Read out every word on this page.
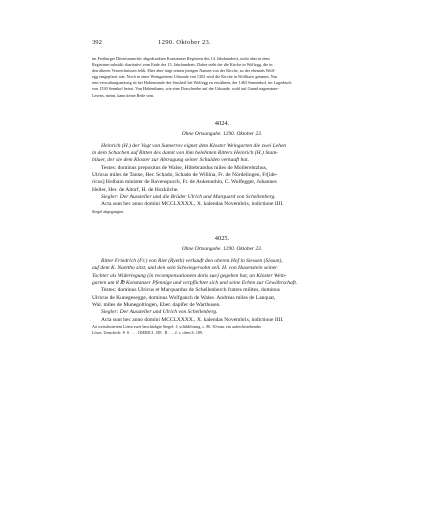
392	1290. Oktober 23.

im Freiburger Diözesanarchiv abgedruckten Konstanzer Registern des 14. Jahrhunderts, nicht aber in dem

Registrum subsidii charitativi vom Ende des 15. Jahrhunderts. Daher steht der die Kirche in Wolfegg, die in

den älteren Verzeichnissen fehlt. Eher aber trägt seinen jetzigen Namen von der Kirche, zu der ehemals Wolf-

egg eingepfarrt war. Noch in einer Weingartener Urkunde von 1302 wird die Kirche in Wolfharts genannt. Nur

rein verwaltungsmässig ist bei Hohenstaufe der Sassheif bei Wolfegg zu erwähnen, der 1463 Sennenhof, im Lagerbuch

von 1530 Sennhof heisst. Von Hohenthann, wie eine Dorschreibe auf der Urkunde, wohl auf Grund nagemaner-

Lesens, meint, kann keine Rede sein.

4024.
Ohne Ortsangabe. 1290. Oktober 23.

Heinrich (H.) der Vogt von Sumerrov eignet dem Kloster Weingarten die zwei Lehen

in dem Schachen auf Bitten des damit von ihm belehnten Ritters Heinrich (H.) Stam-

bilaer, der sie dem Kloster zur Abtragung seiner Schulden verkauft hat.

Testes: dominus prepositus de Walse, Hiltebrandus miles de Mollerehtzhus,

Ulricus miles de Tanne, Her. Schado, Schado de Willina, Fr. de Nördelingen, Fr[ide-

ricus] Holbain minister de Ravenspurch, Fr. de Ankenuthin, C. Wolfegger, Johannes

Heller, Her. de Altorf, H. de Hozkilche.

Siegler: Der Aussteller und die Brüder Ulrich und Marquard von Schellenberg.

Acta sunt hec anno domini MCCLXXXX., X. kalendas Novembris, indictione IIII.

Siegel abgegangen.

4025.
Ohne Ortsangabe. 1290. Oktober 23.

Ritter Friedrich (Fr.) von Riet (Ryeth) verkauft den oberen Hof in Siessen (Sissun),

auf dem K. Naettho sitzt, und den sein Schwiegersohn seil. H. von Hasenstein seiner

Tochter als Widerlegung (in recompensationem dotis sue) gegeben hat, an Kloster Wein-

garten um 8 ℔ Konstanzer Pfennige und verpflichtet sich und seine Erben zur Gewährschaft.

Testes: dominus Ulricus et Marquardus de Schellenberch fratres milites, dominus

Ulricus de Kunegesegge, dominus Wolfganch de Walse. Andreas miles de Lanquat,

Wal. miles de Munegoltingen, Eber. dapifer de Warthusen.

Siegler: Der Aussteller und Ulrich von Schellenberg.

Acta sunt hec anno domini MCCLXXXX., X. kalendas Novembris, indictione IIII.

Au weissliniertem Litera zwei beschädigte Siegel: 1: schildförmig, c. 80, 30 mm, ein aufrechtstehender

Löwe; Umschrift: ✝ S . . . . IDERICI . DE . R . . . 2: s. oben S. 189.
